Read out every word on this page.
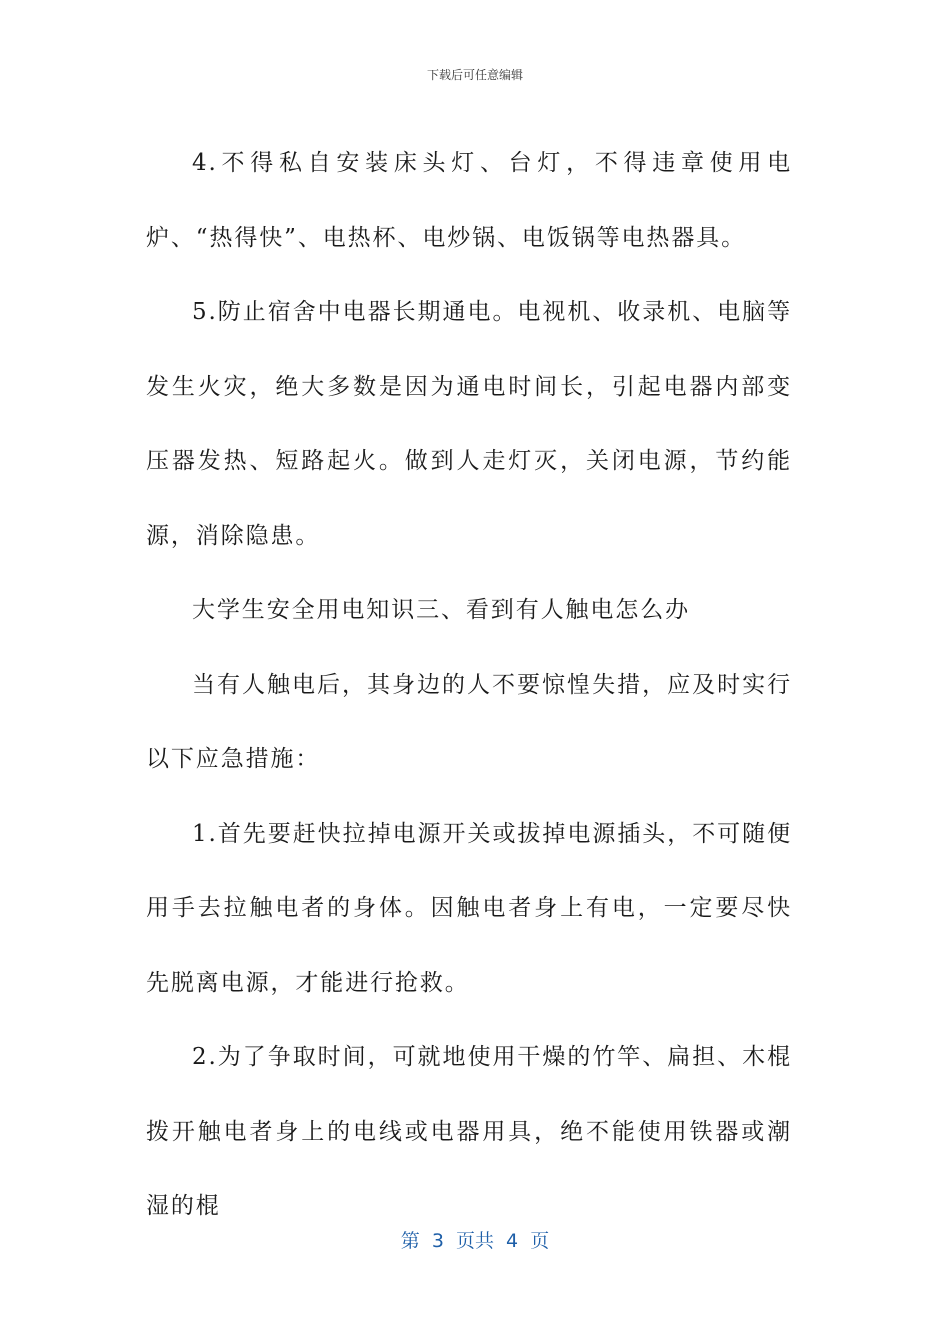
下载后可任意编辑

4.不得私自安装床头灯、台灯，不得违章使用电炉、“热得快”、电热杯、电炒锅、电饭锅等电热器具。

5.防止宿舍中电器长期通电。电视机、收录机、电脑等发生火灾，绝大多数是因为通电时间长，引起电器内部变压器发热、短路起火。做到人走灯灭，关闭电源，节约能源，消除隐患。

大学生安全用电知识三、看到有人触电怎么办

当有人触电后，其身边的人不要惊惶失措，应及时实行以下应急措施：

1.首先要赶快拉掉电源开关或拔掉电源插头，不可随便用手去拉触电者的身体。因触电者身上有电，一定要尽快先脱离电源，才能进行抢救。

2.为了争取时间，可就地使用干燥的竹竿、扁担、木棍拨开触电者身上的电线或电器用具，绝不能使用铁器或潮湿的棍

第 3 页共 4 页
